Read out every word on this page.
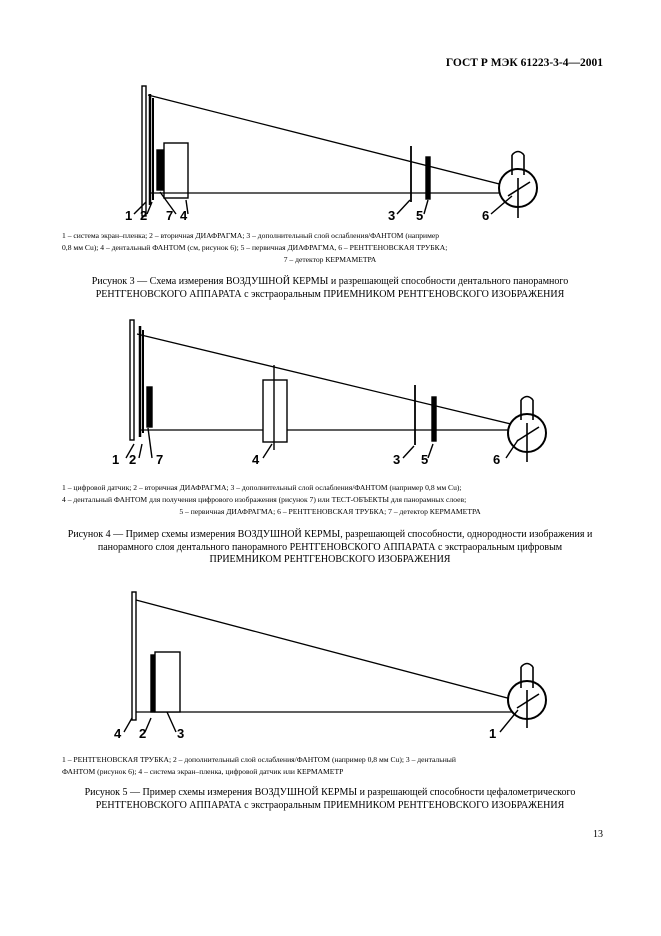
ГОСТ Р МЭК 61223-3-4—2001
1 2 7 4	3 5	6
1 – система экран–пленка; 2 – вторичная ДИАФРАГМА; 3 – дополнительный слой ослабления/ФАНТОМ (например
0,8 мм Cu); 4 – дентальный ФАНТОМ (см, рисунок 6); 5 – первичная ДИАФРАГМА, 6 – РЕНТГЕНОВСКАЯ ТРУБКА;
7 – детектор КЕРМАМЕТРА
Рисунок 3 — Схема измерения ВОЗДУШНОЙ КЕРМЫ и разрешающей способности дентального панорамного РЕНТГЕНОВСКОГО АППАРАТА с экстраоральным ПРИЕМНИКОМ РЕНТГЕНОВСКОГО ИЗОБРАЖЕНИЯ
1 2 7	4	3 5	6
1 – цифровой датчик; 2 – вторичная ДИАФРАГМА; 3 – дополнительный слой ослабления/ФАНТОМ (например 0,8 мм Cu);
4 – дентальный ФАНТОМ для получения цифрового изображения (рисунок 7) или ТЕСТ-ОБЪЕКТЫ для панорамных слоев;
5 – первичная ДИАФРАГМА; 6 – РЕНТГЕНОВСКАЯ ТРУБКА; 7 – детектор КЕРМАМЕТРА
Рисунок 4 — Пример схемы измерения ВОЗДУШНОЙ КЕРМЫ, разрешающей способности, однородности изображения и панорамного слоя дентального панорамного РЕНТГЕНОВСКОГО АППАРАТА с экстраоральным цифровым ПРИЕМНИКОМ РЕНТГЕНОВСКОГО ИЗОБРАЖЕНИЯ
4 2 3	1
1 – РЕНТГЕНОВСКАЯ ТРУБКА; 2 – дополнительный слой ослабления/ФАНТОМ (например 0,8 мм Cu); 3 – дентальный
ФАНТОМ (рисунок 6); 4 – система экран–пленка, цифровой датчик или КЕРМАМЕТР
Рисунок 5 — Пример схемы измерения ВОЗДУШНОЙ КЕРМЫ и разрешающей способности цефалометрического РЕНТГЕНОВСКОГО АППАРАТА с экстраоральным ПРИЕМНИКОМ РЕНТГЕНОВСКОГО ИЗОБРАЖЕНИЯ
13
